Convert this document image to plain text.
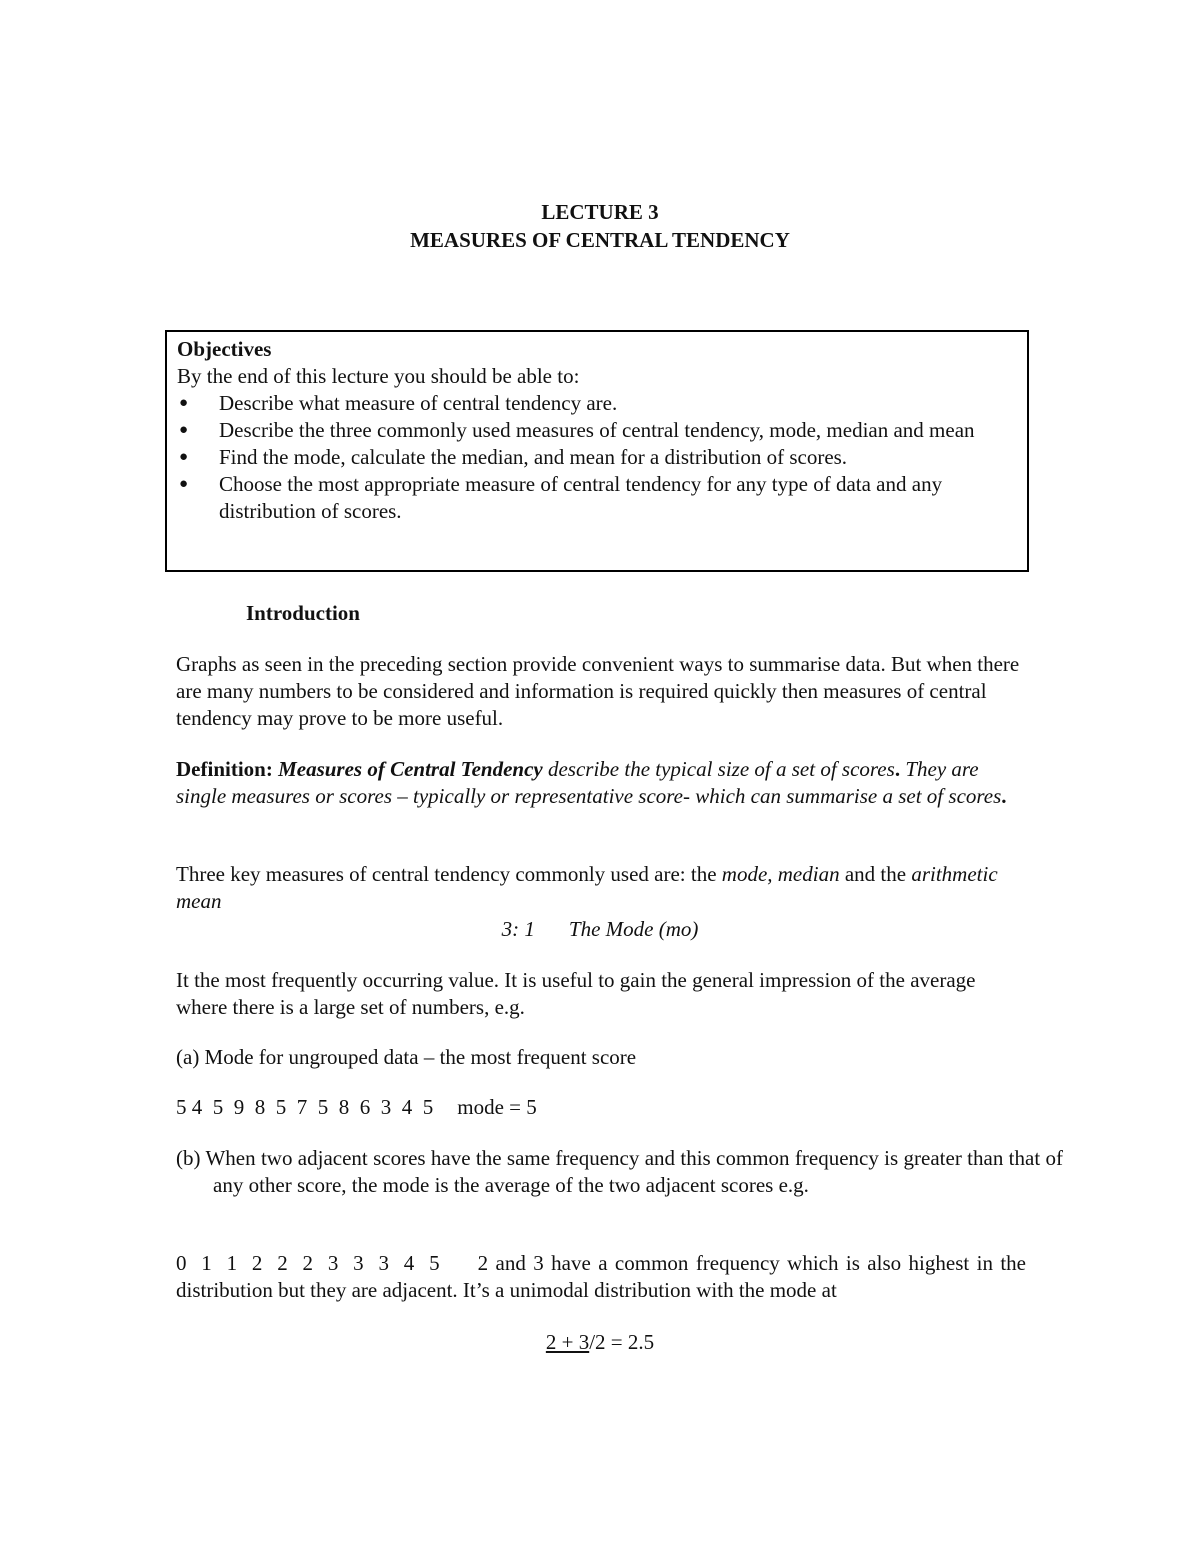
LECTURE 3
MEASURES OF CENTRAL TENDENCY
Objectives
By the end of this lecture you should be able to:
● Describe what measure of central tendency are.
● Describe the three commonly used measures of central tendency, mode, median and mean
● Find the mode, calculate the median, and mean for a distribution of scores.
● Choose the most appropriate measure of central tendency for any type of data and any distribution of scores.
Introduction
Graphs as seen in the preceding section provide convenient ways to summarise data. But when there are many numbers to be considered and information is required quickly then measures of central tendency may prove to be more useful.
Definition: Measures of Central Tendency describe the typical size of a set of scores. They are single measures or scores – typically or representative score- which can summarise a set of scores.
Three key measures of central tendency commonly used are: the mode, median and the arithmetic mean
3: 1 The Mode (mo)
It the most frequently occurring value. It is useful to gain the general impression of the average where there is a large set of numbers, e.g.
(a) Mode for ungrouped data – the most frequent score
5 4  5  9  8  5  7  5  8  6  3  4  5 mode = 5
(b) When two adjacent scores have the same frequency and this common frequency is greater than that of any other score, the mode is the average of the two adjacent scores e.g.
0  1  1  2  2  2  3  3  3  4  5 2 and 3 have a common frequency which is also highest in the distribution but they are adjacent. It’s a unimodal distribution with the mode at
2 + 3/2 = 2.5
